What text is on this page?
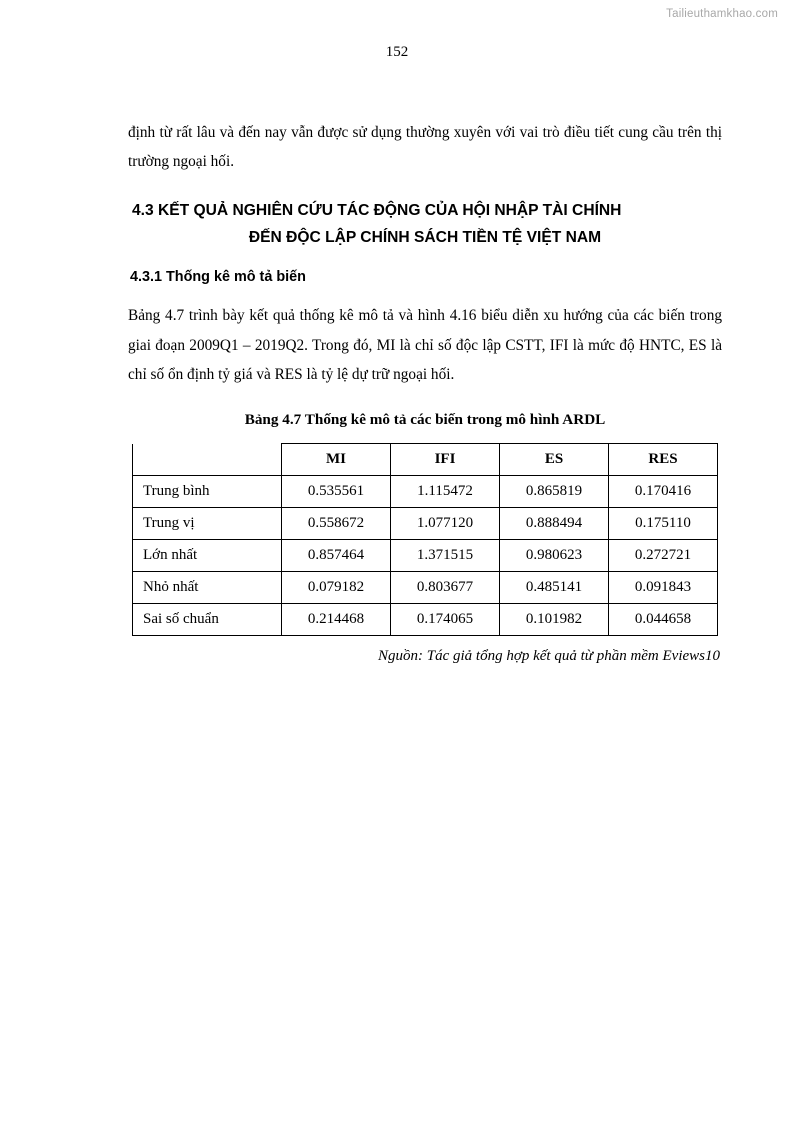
Tailieuthamkhao.com
152

định từ rất lâu và đến nay vẫn được sử dụng thường xuyên với vai trò điều tiết cung cầu trên thị trường ngoại hối.

4.3 KẾT QUẢ NGHIÊN CỨU TÁC ĐỘNG CỦA HỘI NHẬP TÀI CHÍNH
ĐẾN ĐỘC LẬP CHÍNH SÁCH TIỀN TỆ VIỆT NAM
4.3.1 Thống kê mô tả biến

Bảng 4.7 trình bày kết quả thống kê mô tả và hình 4.16 biểu diễn xu hướng của các biến trong giai đoạn 2009Q1 – 2019Q2. Trong đó, MI là chỉ số độc lập CSTT, IFI là mức độ HNTC, ES là chỉ số ổn định tỷ giá và RES là tỷ lệ dự trữ ngoại hối.

Bảng 4.7 Thống kê mô tả các biến trong mô hình ARDL
	MI	IFI	ES	RES
Trung bình	0.535561	1.115472	0.865819	0.170416
Trung vị	0.558672	1.077120	0.888494	0.175110
Lớn nhất	0.857464	1.371515	0.980623	0.272721
Nhỏ nhất	0.079182	0.803677	0.485141	0.091843
Sai số chuẩn	0.214468	0.174065	0.101982	0.044658
Nguồn: Tác giả tổng hợp kết quả từ phần mềm Eviews10
